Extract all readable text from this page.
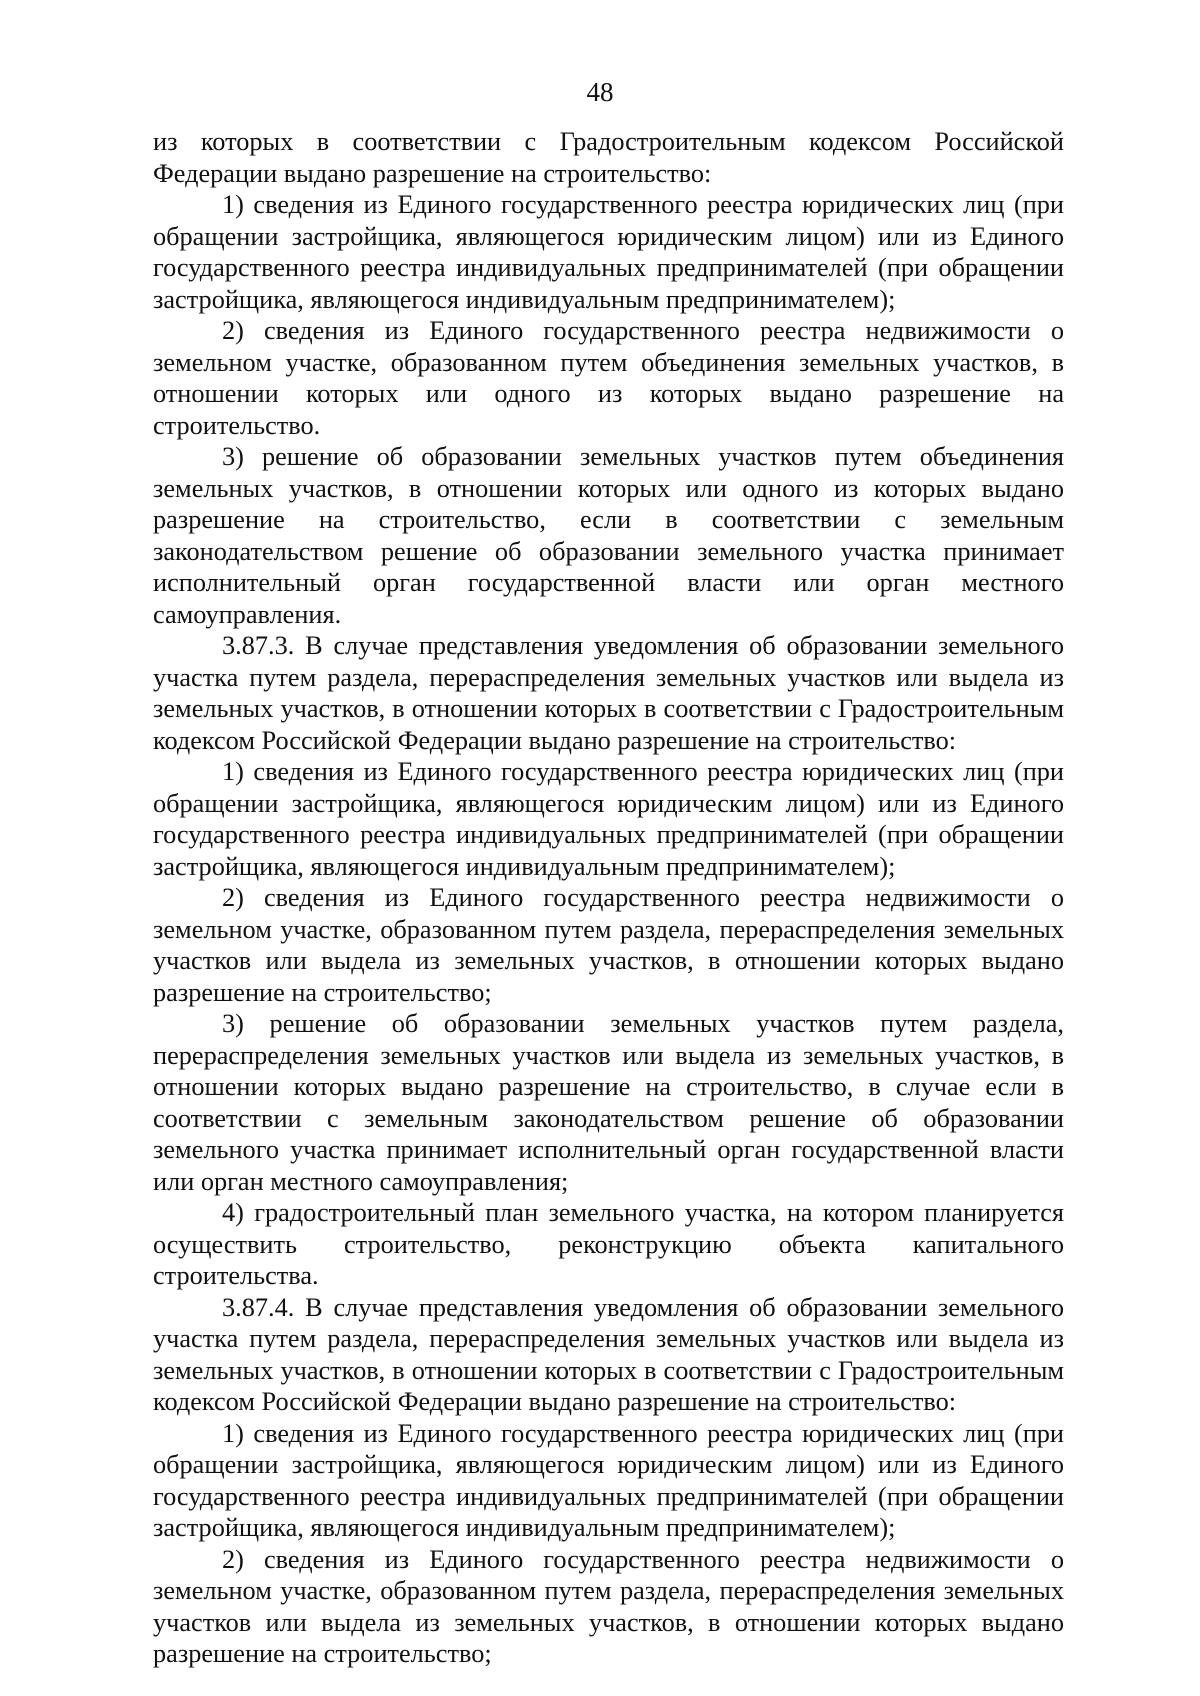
48

из которых в соответствии с Градостроительным кодексом Российской Федерации выдано разрешение на строительство:

1) сведения из Единого государственного реестра юридических лиц (при обращении застройщика, являющегося юридическим лицом) или из Единого государственного реестра индивидуальных предпринимателей (при обращении застройщика, являющегося индивидуальным предпринимателем);

2) сведения из Единого государственного реестра недвижимости о земельном участке, образованном путем объединения земельных участков, в отношении которых или одного из которых выдано разрешение на строительство.

3) решение об образовании земельных участков путем объединения земельных участков, в отношении которых или одного из которых выдано разрешение на строительство, если в соответствии с земельным законодательством решение об образовании земельного участка принимает исполнительный орган государственной власти или орган местного самоуправления.

3.87.3. В случае представления уведомления об образовании земельного участка путем раздела, перераспределения земельных участков или выдела из земельных участков, в отношении которых в соответствии с Градостроительным кодексом Российской Федерации выдано разрешение на строительство:

1) сведения из Единого государственного реестра юридических лиц (при обращении застройщика, являющегося юридическим лицом) или из Единого государственного реестра индивидуальных предпринимателей (при обращении застройщика, являющегося индивидуальным предпринимателем);

2) сведения из Единого государственного реестра недвижимости о земельном участке, образованном путем раздела, перераспределения земельных участков или выдела из земельных участков, в отношении которых выдано разрешение на строительство;

3) решение об образовании земельных участков путем раздела, перераспределения земельных участков или выдела из земельных участков, в отношении которых выдано разрешение на строительство, в случае если в соответствии с земельным законодательством решение об образовании земельного участка принимает исполнительный орган государственной власти или орган местного самоуправления;

4) градостроительный план земельного участка, на котором планируется осуществить строительство, реконструкцию объекта капитального строительства.

3.87.4. В случае представления уведомления об образовании земельного участка путем раздела, перераспределения земельных участков или выдела из земельных участков, в отношении которых в соответствии с Градостроительным кодексом Российской Федерации выдано разрешение на строительство:

1) сведения из Единого государственного реестра юридических лиц (при обращении застройщика, являющегося юридическим лицом) или из Единого государственного реестра индивидуальных предпринимателей (при обращении застройщика, являющегося индивидуальным предпринимателем);

2) сведения из Единого государственного реестра недвижимости о земельном участке, образованном путем раздела, перераспределения земельных участков или выдела из земельных участков, в отношении которых выдано разрешение на строительство;
